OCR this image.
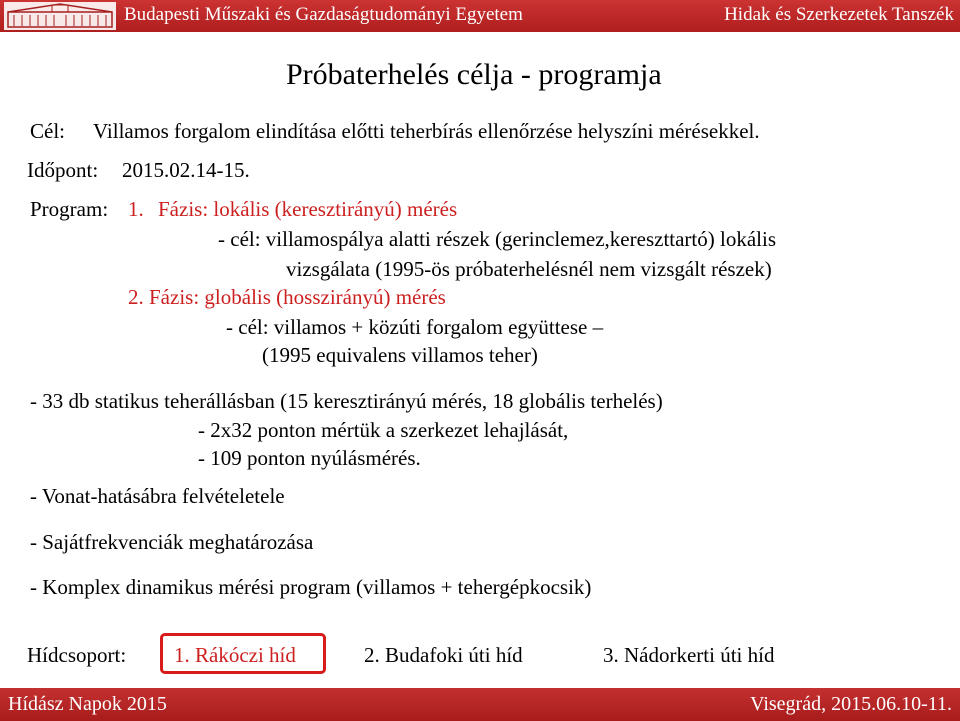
Budapesti Műszaki és Gazdaságtudományi Egyetem	Hidak és Szerkezetek Tanszék
Próbaterhelés célja - programja
Cél: Villamos forgalom elindítása előtti teherbírás ellenőrzése helyszíni mérésekkel.
Időpont: 2015.02.14-15.
Program: 1. Fázis: lokális (keresztirányú) mérés
- cél: villamospálya alatti részek (gerinclemez,kereszttartó) lokális
vizsgálata (1995-ös próbaterhelésnél nem vizsgált részek)
2. Fázis: globális (hosszirányú) mérés
- cél: villamos + közúti forgalom együttese –
(1995 equivalens villamos teher)
- 33 db statikus teherállásban (15 keresztirányú mérés, 18 globális terhelés)
- 2x32 ponton mértük a szerkezet lehajlását,
- 109 ponton nyúlásmérés.
- Vonat-hatásábra felvételetele
- Sajátfrekvenciák meghatározása
- Komplex dinamikus mérési program (villamos + tehergépkocsik)
Hídcsoport: 1. Rákóczi híd	2. Budafoki úti híd	3. Nádorkerti úti híd
Hídász Napok 2015	Visegrád, 2015.06.10-11.
